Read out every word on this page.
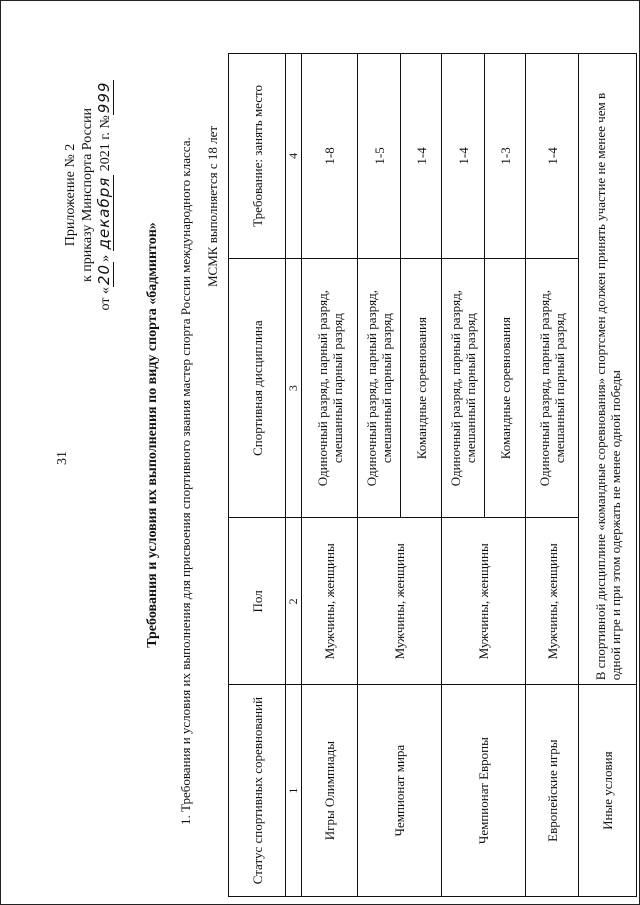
31
Приложение № 2 к приказу Минспорта России
от «20» декабря 2021 г. №999
Требования и условия их выполнения по виду спорта «бадминтон» 1. Требования и условия их выполнения для присвоения спортивного звания мастер спорта России международного класса. МСМК выполняется с 18 лет
Статус спортивных соревнований	Пол	Спортивная дисциплина	Требование: занять место
1	2	3	4
Игры Олимпиады	Мужчины, женщины	Одиночный разряд, парный разряд, смешанный парный разряд	1-8
Чемпионат мира	Мужчины, женщины	Одиночный разряд, парный разряд, смешанный парный разряд	1-5
		Командные соревнования	1-4
Чемпионат Европы	Мужчины, женщины	Одиночный разряд, парный разряд, смешанный парный разряд	1-4
		Командные соревнования	1-3
Европейские игры	Мужчины, женщины	Одиночный разряд, парный разряд, смешанный парный разряд	1-4
Иные условия	В спортивной дисциплине «командные соревнования» спортсмен должен принять участие не менее чем в одной игре и при этом одержать не менее одной победы		
